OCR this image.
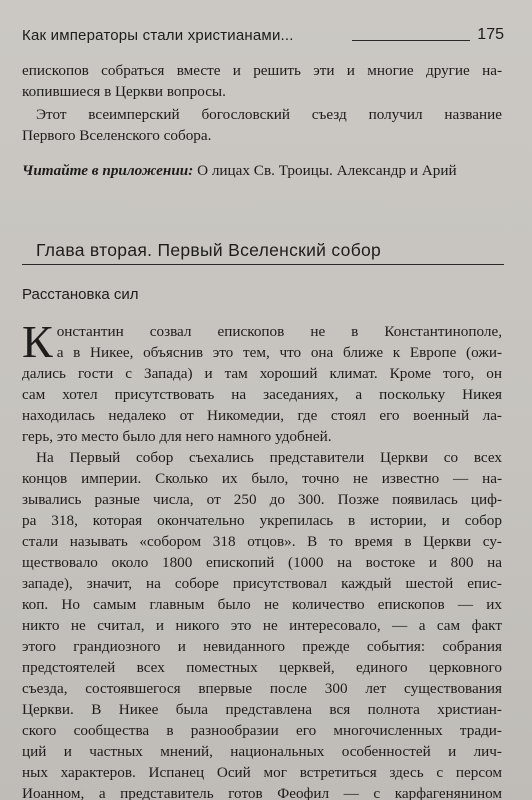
Как императоры стали христианами...	175
епископов собраться вместе и решить эти и многие другие на-
копившиеся в Церкви вопросы.
Этот всеимперский богословский съезд получил название
Первого Вселенского собора.
Читайте в приложении: О лицах Св. Троицы. Александр и Арий
Глава вторая. Первый Вселенский собор
Расстановка сил
К онстантин созвал епископов не в Константинополе,
а в Никее, объяснив это тем, что она ближе к Европе (ожи-
дались гости с Запада) и там хороший климат. Кроме того, он
сам хотел присутствовать на заседаниях, а поскольку Никея
находилась недалеко от Никомедии, где стоял его военный ла-
герь, это место было для него намного удобней.
На Первый собор съехались представители Церкви со всех
концов империи. Сколько их было, точно не известно — на-
зывались разные числа, от 250 до 300. Позже появилась циф-
ра 318, которая окончательно укрепилась в истории, и собор
стали называть «собором 318 отцов». В то время в Церкви су-
ществовало около 1800 епископий (1000 на востоке и 800 на
западе), значит, на соборе присутствовал каждый шестой епис-
коп. Но самым главным было не количество епископов — их
никто не считал, и никого это не интересовало, — а сам факт
этого грандиозного и невиданного прежде события: собрания
предстоятелей всех поместных церквей, единого церковного
съезда, состоявшегося впервые после 300 лет существования
Церкви. В Никее была представлена вся полнота христиан-
ского сообщества в разнообразии его многочисленных тради-
ций и частных мнений, национальных особенностей и лич-
ных характеров. Испанец Осий мог встретиться здесь с персом
Иоанном, а представитель готов Феофил — с карфагенянином
